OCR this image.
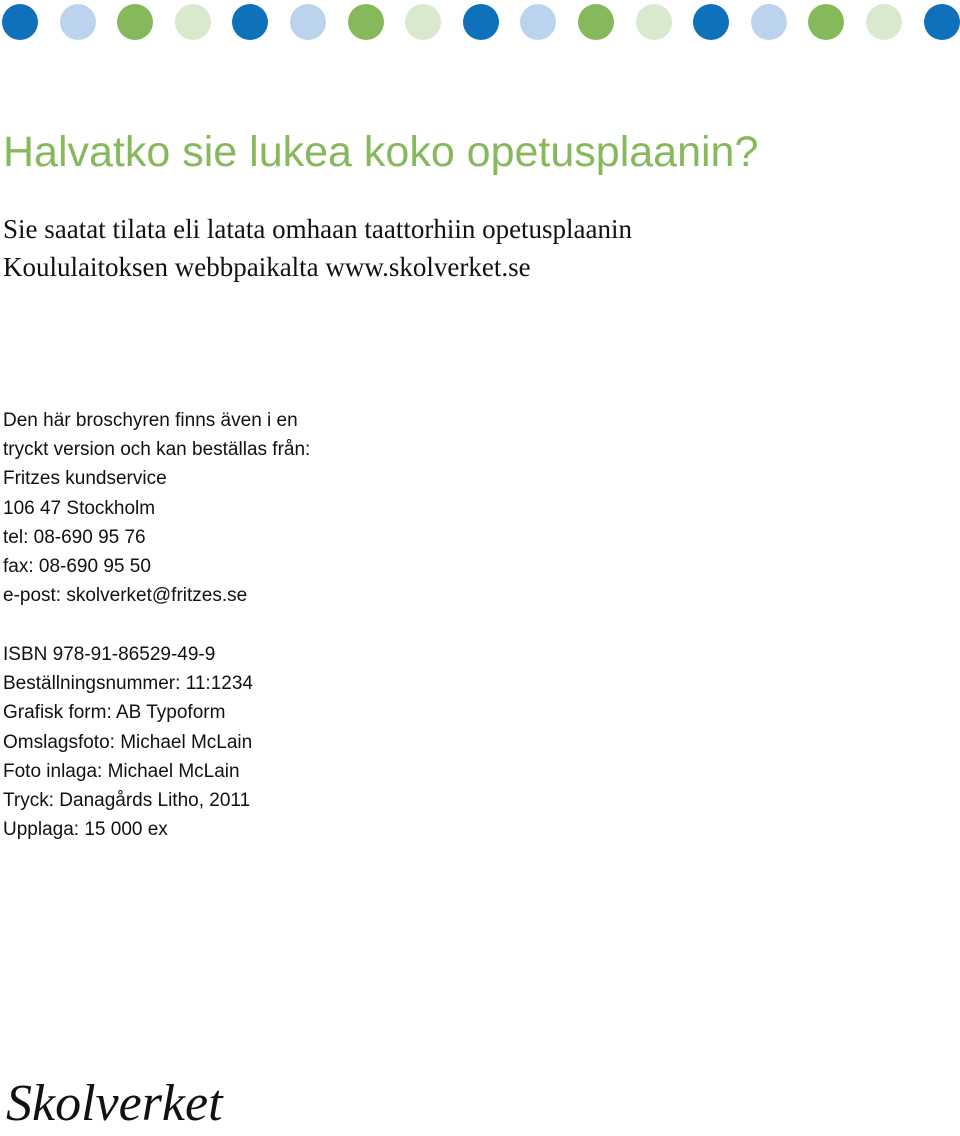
Halvatko sie lukea koko opetusplaanin?

Sie saatat tilata eli latata omhaan taattorhiin opetusplaanin
Koululaitoksen webbpaikalta www.skolverket.se

Den här broschyren finns även i en
tryckt version och kan beställas från:
Fritzes kundservice
106 47 Stockholm
tel: 08-690 95 76
fax: 08-690 95 50
e-post: skolverket@fritzes.se

ISBN 978-91-86529-49-9
Beställningsnummer: 11:1234
Grafisk form: AB Typoform
Omslagsfoto: Michael McLain
Foto inlaga: Michael McLain
Tryck: Danagårds Litho, 2011
Upplaga: 15 000 ex

Skolverket
